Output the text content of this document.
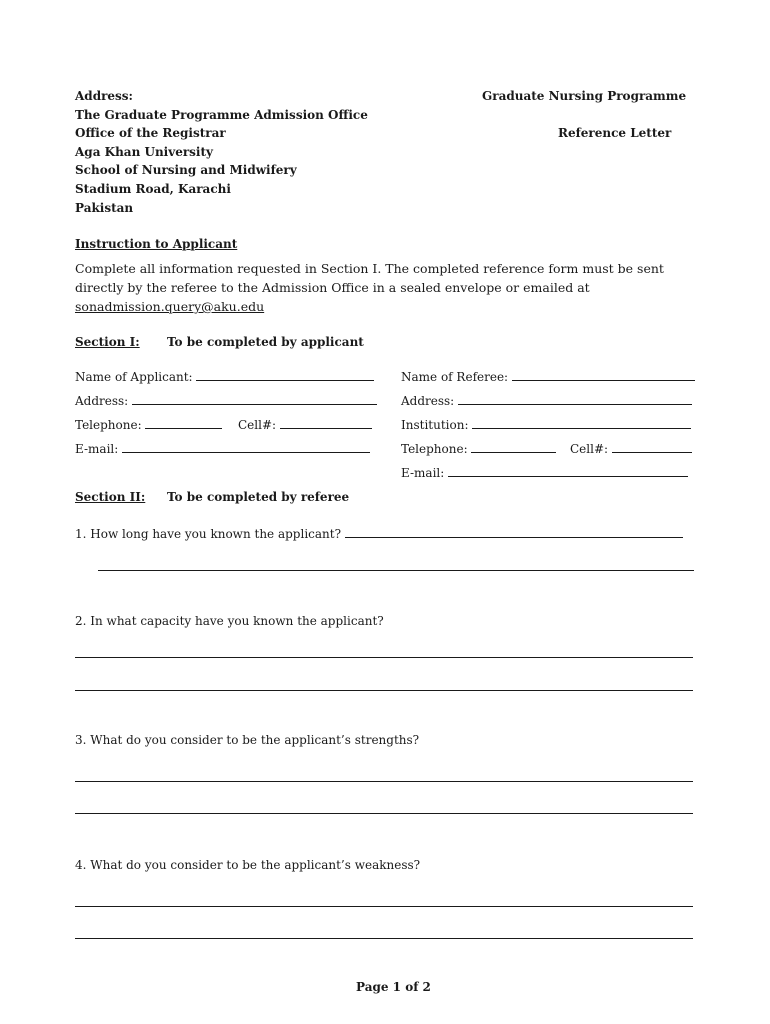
Address:
The Graduate Programme Admission Office
Office of the Registrar
Aga Khan University
School of Nursing and Midwifery
Stadium Road, Karachi
Pakistan
Graduate Nursing Programme
Reference Letter
Instruction to Applicant
Complete all information requested in Section I. The completed reference form must be sent directly by the referee to the Admission Office in a sealed envelope or emailed at sonadmission.query@aku.edu
Section I: To be completed by applicant
Name of Applicant:
Address:
Telephone:	Cell#:
E-mail:
Name of Referee:
Address:
Institution:
Telephone:	Cell#:
E-mail:
Section II: To be completed by referee
1. How long have you known the applicant?
2. In what capacity have you known the applicant?
3. What do you consider to be the applicant’s strengths?
4. What do you consider to be the applicant’s weakness?
Page 1 of 2
